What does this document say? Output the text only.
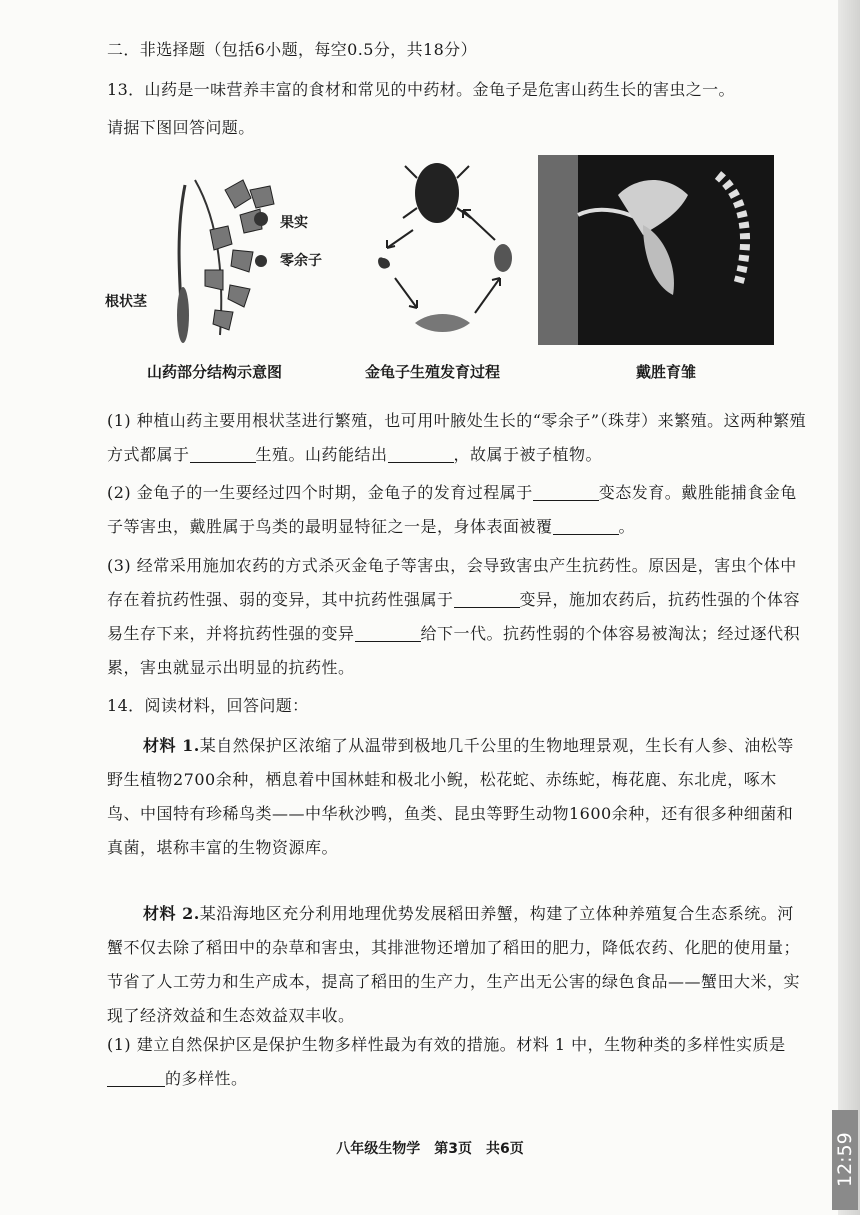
二．非选择题（包括6小题，每空0.5分，共18分）
13．山药是一味营养丰富的食材和常见的中药材。金龟子是危害山药生长的害虫之一。
请据下图回答问题。
果实
零余子
根状茎
山药部分结构示意图	金龟子生殖发育过程	戴胜育雏
(1) 种植山药主要用根状茎进行繁殖，也可用叶腋处生长的“零余子”（珠芽）来繁殖。这两种繁殖方式都属于	生殖。山药能结出	，故属于被子植物。
(2) 金龟子的一生要经过四个时期，金龟子的发育过程属于	变态发育。戴胜能捕食金龟子等害虫，戴胜属于鸟类的最明显特征之一是，身体表面被覆	。
(3) 经常采用施加农药的方式杀灭金龟子等害虫，会导致害虫产生抗药性。原因是，害虫个体中存在着抗药性强、弱的变异，其中抗药性强属于	变异，施加农药后，抗药性强的个体容易生存下来，并将抗药性强的变异	给下一代。抗药性弱的个体容易被淘汰；经过逐代积累，害虫就显示出明显的抗药性。
14．阅读材料，回答问题：
材料 1.某自然保护区浓缩了从温带到极地几千公里的生物地理景观，生长有人参、油松等野生植物2700余种，栖息着中国林蛙和极北小鲵，松花蛇、赤练蛇，梅花鹿、东北虎，啄木鸟、中国特有珍稀鸟类——中华秋沙鸭，鱼类、昆虫等野生动物1600余种，还有很多种细菌和真菌，堪称丰富的生物资源库。
材料 2.某沿海地区充分利用地理优势发展稻田养蟹，构建了立体种养殖复合生态系统。河蟹不仅去除了稻田中的杂草和害虫，其排泄物还增加了稻田的肥力，降低农药、化肥的使用量；节省了人工劳力和生产成本，提高了稻田的生产力，生产出无公害的绿色食品——蟹田大米，实现了经济效益和生态效益双丰收。
(1) 建立自然保护区是保护生物多样性最为有效的措施。材料 1 中，生物种类的多样性实质是的多样性。
八年级生物学　第3页　共6页	12:59
